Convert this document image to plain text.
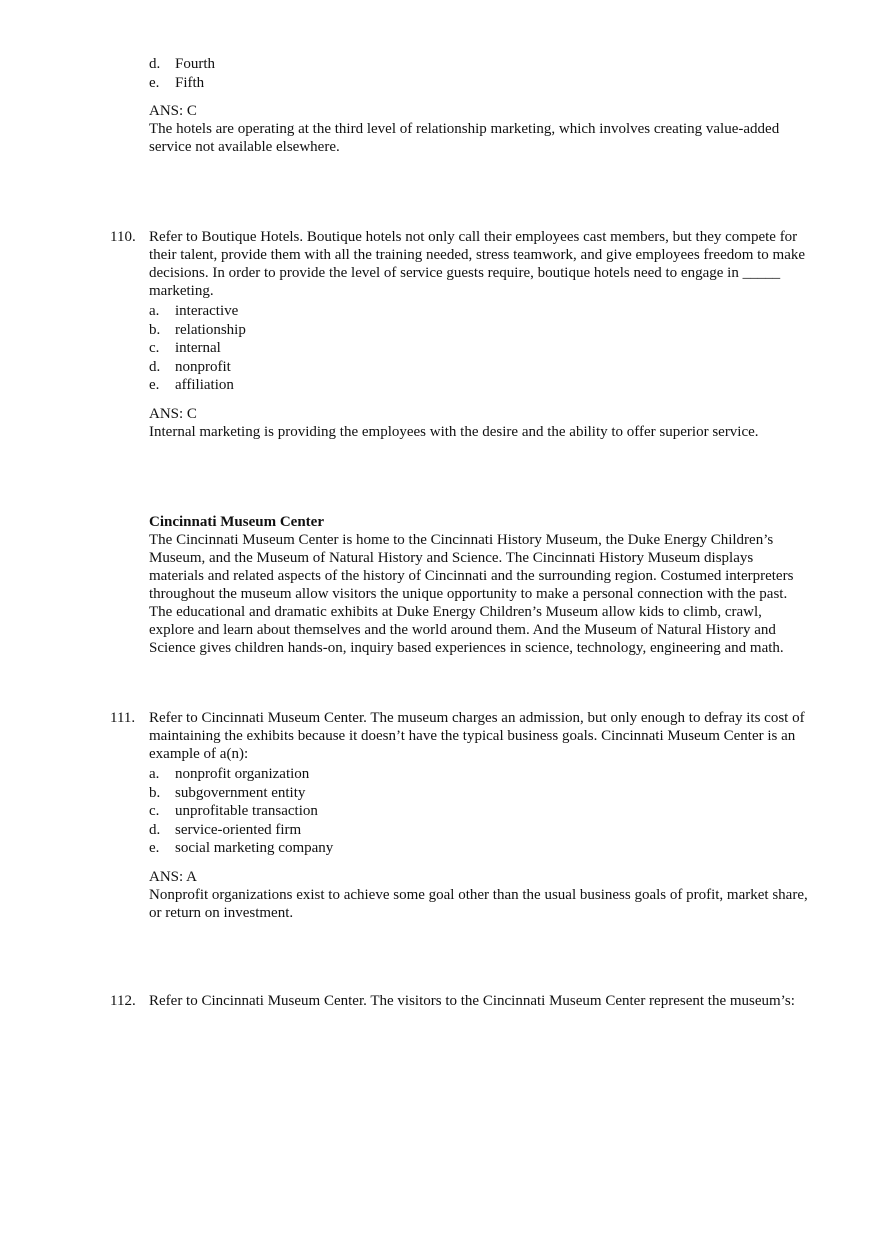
d. Fourth
e.	Fifth
ANS: C

The hotels are operating at the third level of relationship marketing, which involves creating value-added service not available elsewhere.

110. Refer to Boutique Hotels. Boutique hotels not only call their employees cast members, but they compete for their talent, provide them with all the training needed, stress teamwork, and give employees freedom to make decisions. In order to provide the level of service guests require, boutique hotels need to engage in _____ marketing.

a.	interactive
b. relationship
c.	internal
d. nonprofit
e.	affiliation
ANS: C

Internal marketing is providing the employees with the desire and the ability to offer superior service.

Cincinnati Museum Center

The Cincinnati Museum Center is home to the Cincinnati History Museum, the Duke Energy Children’s Museum, and the Museum of Natural History and Science. The Cincinnati History Museum displays materials and related aspects of the history of Cincinnati and the surrounding region. Costumed interpreters throughout the museum allow visitors the unique opportunity to make a personal connection with the past. The educational and dramatic exhibits at Duke Energy Children’s Museum allow kids to climb, crawl, explore and learn about themselves and the world around them. And the Museum of Natural History and Science gives children hands-on, inquiry based experiences in science, technology, engineering and math.

111. Refer to Cincinnati Museum Center. The museum charges an admission, but only enough to defray its cost of maintaining the exhibits because it doesn’t have the typical business goals. Cincinnati Museum Center is an example of a(n):

a.	nonprofit organization
b. subgovernment entity
c.	unprofitable transaction
d. service-oriented firm
e.	social marketing company
ANS: A

Nonprofit organizations exist to achieve some goal other than the usual business goals of profit, market share, or return on investment.

112. Refer to Cincinnati Museum Center. The visitors to the Cincinnati Museum Center represent the museum’s:
